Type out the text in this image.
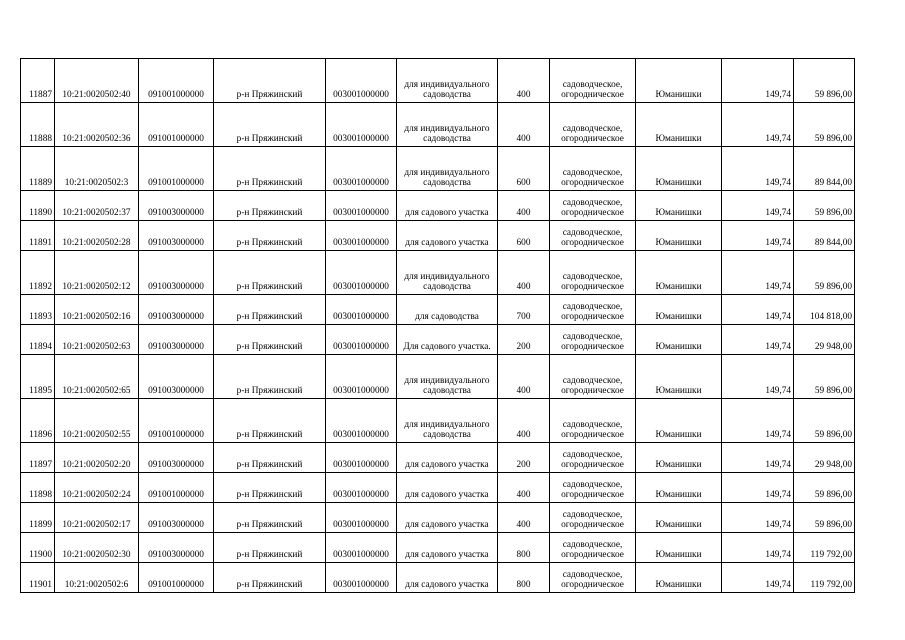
11887	10:21:0020502:40	091001000000	р-н Пряжинский	003001000000	для индивидуального садоводства	400	садоводческое, огородническое	Юманишки	149,74	59 896,00
11888	10:21:0020502:36	091001000000	р-н Пряжинский	003001000000	для индивидуального садоводства	400	садоводческое, огородническое	Юманишки	149,74	59 896,00
11889	10:21:0020502:3	091001000000	р-н Пряжинский	003001000000	для индивидуального садоводства	600	садоводческое, огородническое	Юманишки	149,74	89 844,00
11890	10:21:0020502:37	091003000000	р-н Пряжинский	003001000000	для садового участка	400	садоводческое, огородническое	Юманишки	149,74	59 896,00
11891	10:21:0020502:28	091003000000	р-н Пряжинский	003001000000	для садового участка	600	садоводческое, огородническое	Юманишки	149,74	89 844,00
11892	10:21:0020502:12	091003000000	р-н Пряжинский	003001000000	для индивидуального садоводства	400	садоводческое, огородническое	Юманишки	149,74	59 896,00
11893	10:21:0020502:16	091003000000	р-н Пряжинский	003001000000	для садоводства	700	садоводческое, огородническое	Юманишки	149,74	104 818,00
11894	10:21:0020502:63	091003000000	р-н Пряжинский	003001000000	Для садового участка.	200	садоводческое, огородническое	Юманишки	149,74	29 948,00
11895	10:21:0020502:65	091003000000	р-н Пряжинский	003001000000	для индивидуального садоводства	400	садоводческое, огородническое	Юманишки	149,74	59 896,00
11896	10:21:0020502:55	091001000000	р-н Пряжинский	003001000000	для индивидуального садоводства	400	садоводческое, огородническое	Юманишки	149,74	59 896,00
11897	10:21:0020502:20	091003000000	р-н Пряжинский	003001000000	для садового участка	200	садоводческое, огородническое	Юманишки	149,74	29 948,00
11898	10:21:0020502:24	091001000000	р-н Пряжинский	003001000000	для садового участка	400	садоводческое, огородническое	Юманишки	149,74	59 896,00
11899	10:21:0020502:17	091003000000	р-н Пряжинский	003001000000	для садового участка	400	садоводческое, огородническое	Юманишки	149,74	59 896,00
11900	10:21:0020502:30	091003000000	р-н Пряжинский	003001000000	для садового участка	800	садоводческое, огородническое	Юманишки	149,74	119 792,00
11901	10:21:0020502:6	091001000000	р-н Пряжинский	003001000000	для садового участка	800	садоводческое, огородническое	Юманишки	149,74	119 792,00
